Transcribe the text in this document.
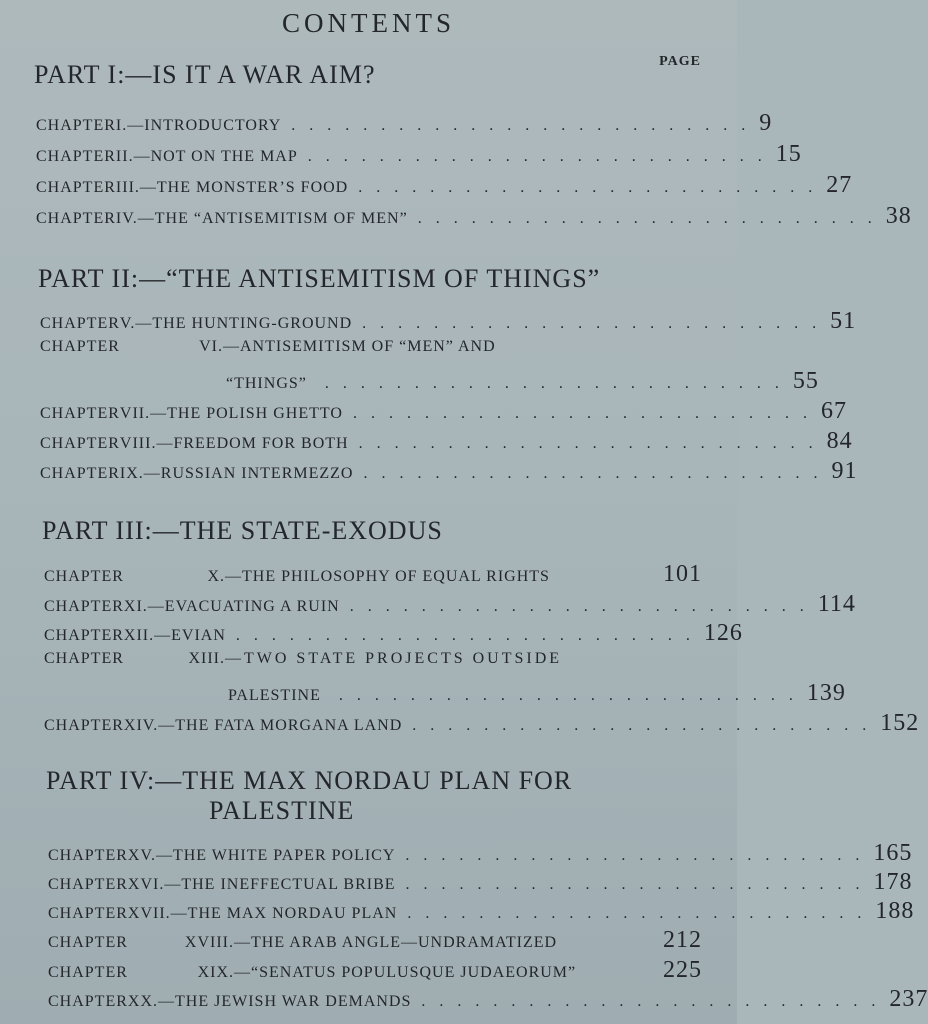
CONTENTS
PAGE
PART I:—IS IT A WAR AIM?
CHAPTER I. —INTRODUCTORY .......................... 9
CHAPTER II. —NOT ON THE MAP .......................... 15
CHAPTER III. —THE MONSTER’S FOOD .......................... 27
CHAPTER IV. —THE “ANTISEMITISM OF MEN” .......................... 38
PART II:—“THE ANTISEMITISM OF THINGS”
CHAPTER V. —THE HUNTING-GROUND .......................... 51
CHAPTER	VI. —ANTISEMITISM OF “MEN” AND
“THINGS”	.......................... 55
CHAPTER VII. —THE POLISH GHETTO .......................... 67
CHAPTER VIII. —FREEDOM FOR BOTH .......................... 84
CHAPTER IX. —RUSSIAN INTERMEZZO .......................... 91
PART III:—THE STATE-EXODUS
CHAPTER	X. —THE PHILOSOPHY OF EQUAL RIGHTS	101
CHAPTER XI. —EVACUATING A RUIN .......................... 114
CHAPTER XII. —EVIAN .......................... 126
CHAPTER	XIII. —TWO STATE PROJECTS OUTSIDE
PALESTINE	.......................... 139
CHAPTER XIV. —THE FATA MORGANA LAND .......................... 152
PART IV:—THE MAX NORDAU PLAN FOR
PALESTINE
CHAPTER XV. —THE WHITE PAPER POLICY .......................... 165
CHAPTER XVI. —THE INEFFECTUAL BRIBE .......................... 178
CHAPTER XVII. —THE MAX NORDAU PLAN .......................... 188
CHAPTER	XVIII. —THE ARAB ANGLE—UNDRAMATIZED	212
CHAPTER	XIX. —“SENATUS POPULUSQUE JUDAEORUM”	225
CHAPTER XX. —THE JEWISH WAR DEMANDS .......................... 237
